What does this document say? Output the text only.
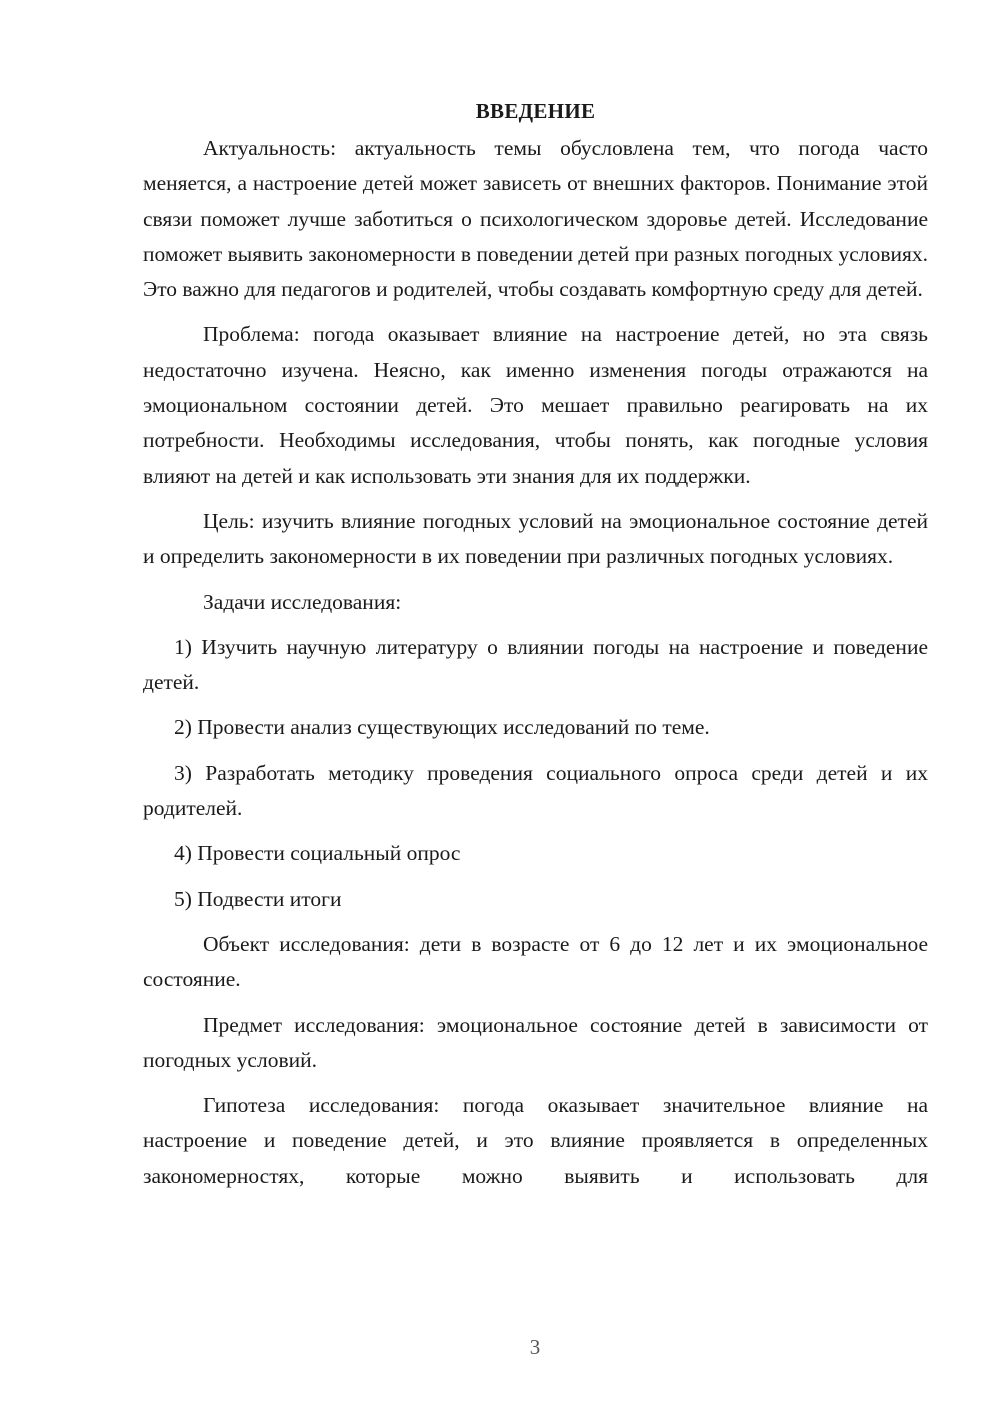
ВВЕДЕНИЕ

Актуальность: актуальность темы обусловлена тем, что погода часто меняется, а настроение детей может зависеть от внешних факторов. Понимание этой связи поможет лучше заботиться о психологическом здоровье детей. Исследование поможет выявить закономерности в поведении детей при разных погодных условиях. Это важно для педагогов и родителей, чтобы создавать комфортную среду для детей.

Проблема: погода оказывает влияние на настроение детей, но эта связь недостаточно изучена. Неясно, как именно изменения погоды отражаются на эмоциональном состоянии детей. Это мешает правильно реагировать на их потребности. Необходимы исследования, чтобы понять, как погодные условия влияют на детей и как использовать эти знания для их поддержки.

Цель: изучить влияние погодных условий на эмоциональное состояние детей и определить закономерности в их поведении при различных погодных условиях.

Задачи исследования:

1) Изучить научную литературу о влиянии погоды на настроение и поведение детей.

2) Провести анализ существующих исследований по теме.

3) Разработать методику проведения социального опроса среди детей и их родителей.

4) Провести социальный опрос

5) Подвести итоги

Объект исследования: дети в возрасте от 6 до 12 лет и их эмоциональное состояние.

Предмет исследования: эмоциональное состояние детей в зависимости от погодных условий.

Гипотеза исследования: погода оказывает значительное влияние на настроение и поведение детей, и это влияние проявляется в определенных закономерностях, которые можно выявить и использовать для

3
